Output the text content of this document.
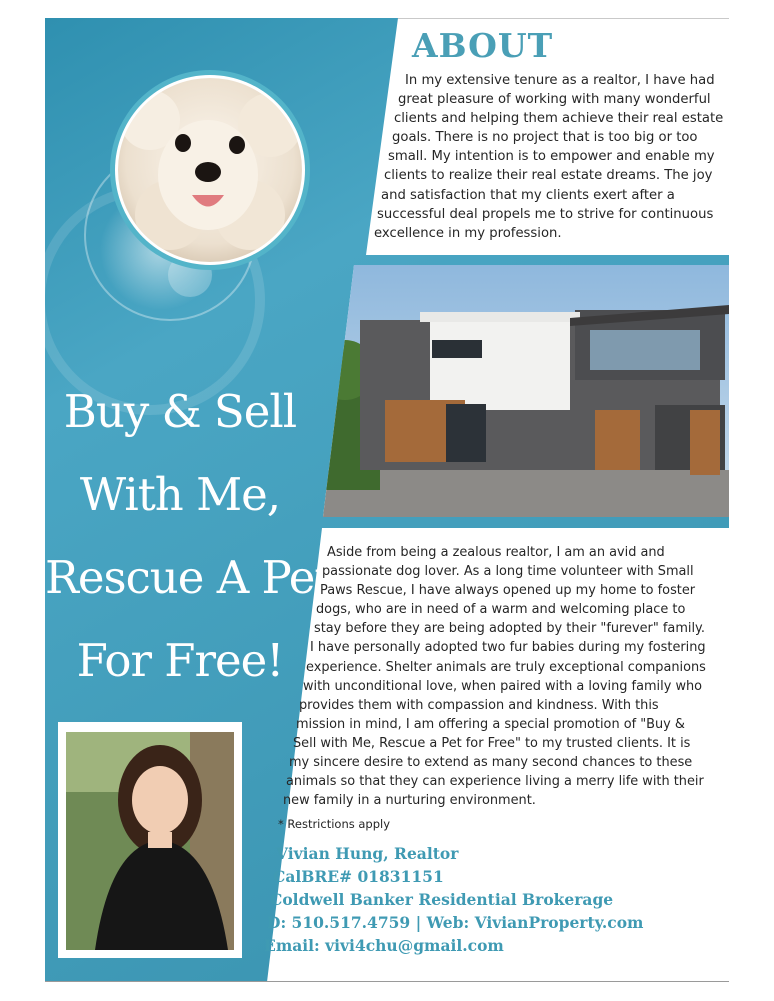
ABOUT
In my extensive tenure as a realtor, I have had
great pleasure of working with many wonderful
clients and helping them achieve their real estate
goals. There is no project that is too big or too
small. My intention is to empower and enable my
clients to realize their real estate dreams. The joy
and satisfaction that my clients exert after a
successful deal propels me to strive for continuous
excellence in my profession.
Buy & Sell
With Me,
Rescue A Pet
For Free!
Aside from being a zealous realtor, I am an avid and
passionate dog lover. As a long time volunteer with Small
Paws Rescue, I have always opened up my home to foster
dogs, who are in need of a warm and welcoming place to
stay before they are being adopted by their "furever" family.
I have personally adopted two fur babies during my fostering
experience. Shelter animals are truly exceptional companions
with unconditional love, when paired with a loving family who
provides them with compassion and kindness. With this
mission in mind, I am offering a special promotion of "Buy &
Sell with Me, Rescue a Pet for Free" to my trusted clients. It is
my sincere desire to extend as many second chances to these
animals so that they can experience living a merry life with their
new family in a nurturing environment.
* Restrictions apply
Vivian Hung, Realtor
CalBRE# 01831151
Coldwell Banker Residential Brokerage
D: 510.517.4759 | Web: VivianProperty.com
Email: vivi4chu@gmail.com
